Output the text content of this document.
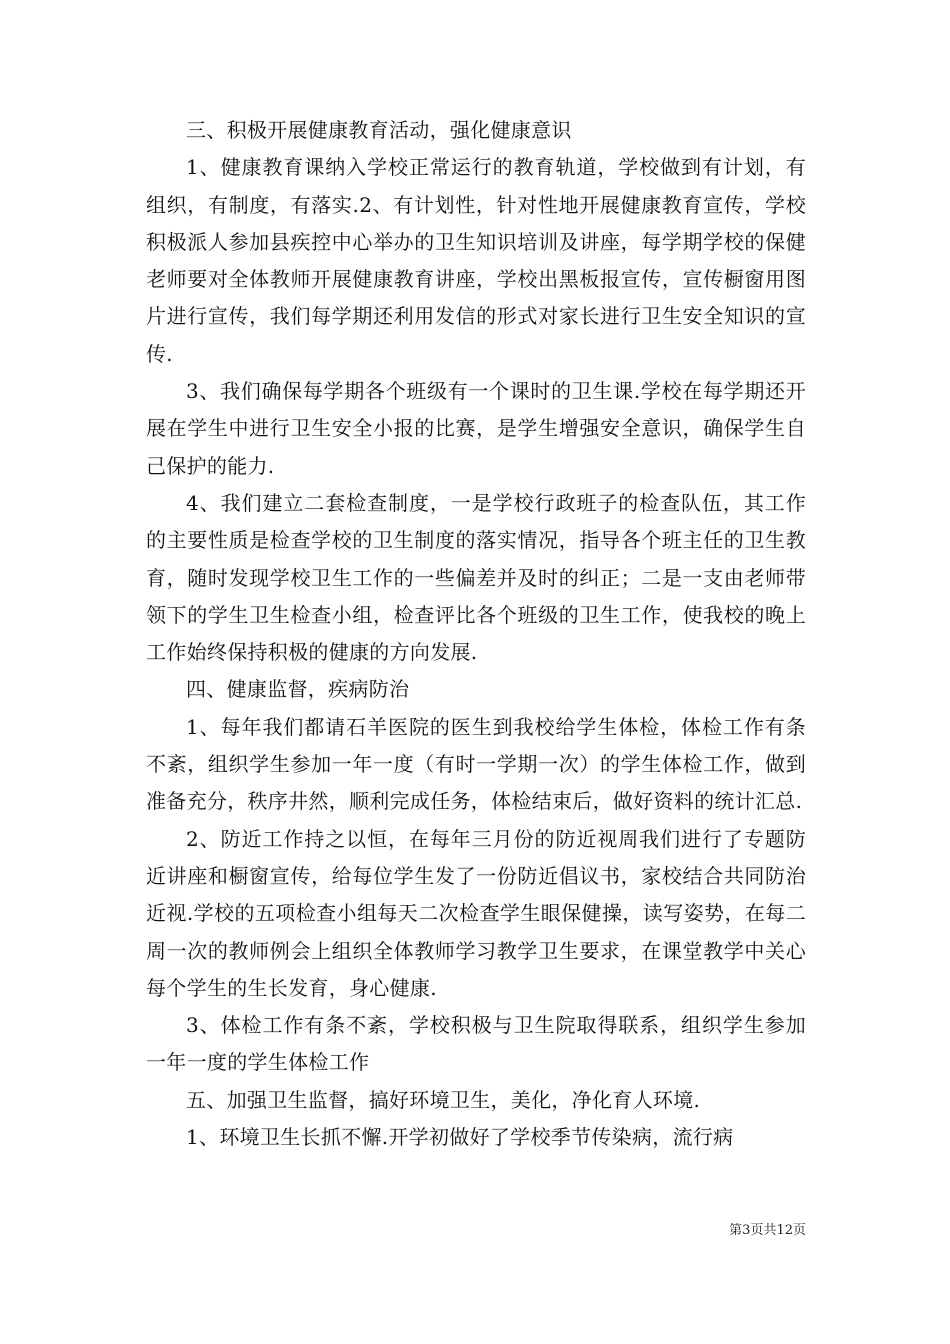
三、积极开展健康教育活动，强化健康意识

1、健康教育课纳入学校正常运行的教育轨道，学校做到有计划，有组织，有制度，有落实.2、有计划性，针对性地开展健康教育宣传，学校积极派人参加县疾控中心举办的卫生知识培训及讲座，每学期学校的保健老师要对全体教师开展健康教育讲座，学校出黑板报宣传，宣传橱窗用图片进行宣传，我们每学期还利用发信的形式对家长进行卫生安全知识的宣传.

3、我们确保每学期各个班级有一个课时的卫生课.学校在每学期还开展在学生中进行卫生安全小报的比赛，是学生增强安全意识，确保学生自己保护的能力.

4、我们建立二套检查制度，一是学校行政班子的检查队伍，其工作的主要性质是检查学校的卫生制度的落实情况，指导各个班主任的卫生教育，随时发现学校卫生工作的一些偏差并及时的纠正；二是一支由老师带领下的学生卫生检查小组，检查评比各个班级的卫生工作，使我校的晚上工作始终保持积极的健康的方向发展.

四、健康监督，疾病防治

1、每年我们都请石羊医院的医生到我校给学生体检，体检工作有条不紊，组织学生参加一年一度（有时一学期一次）的学生体检工作，做到准备充分，秩序井然，顺利完成任务，体检结束后，做好资料的统计汇总.

2、防近工作持之以恒，在每年三月份的防近视周我们进行了专题防近讲座和橱窗宣传，给每位学生发了一份防近倡议书，家校结合共同防治近视.学校的五项检查小组每天二次检查学生眼保健操，读写姿势，在每二周一次的教师例会上组织全体教师学习教学卫生要求，在课堂教学中关心每个学生的生长发育，身心健康.

3、体检工作有条不紊，学校积极与卫生院取得联系，组织学生参加一年一度的学生体检工作

五、加强卫生监督，搞好环境卫生，美化，净化育人环境.

1、环境卫生长抓不懈.开学初做好了学校季节传染病，流行病

第3页共12页
